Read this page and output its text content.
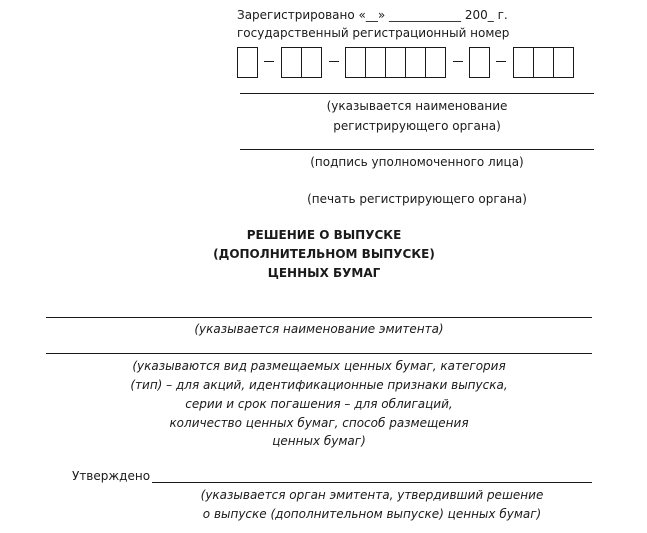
Зарегистрировано «__» ____________ 200_ г.
государственный регистрационный номер
(указывается наименование
регистрирующего органа)
(подпись уполномоченного лица)
(печать регистрирующего органа)
РЕШЕНИЕ О ВЫПУСКЕ
(ДОПОЛНИТЕЛЬНОМ ВЫПУСКЕ)
ЦЕННЫХ БУМАГ
(указывается наименование эмитента)
(указываются вид размещаемых ценных бумаг, категория
(тип) – для акций, идентификационные признаки выпуска,
серии и срок погашения – для облигаций,
количество ценных бумаг, способ размещения
ценных бумаг)
Утверждено
(указывается орган эмитента, утвердивший решение
о выпуске (дополнительном выпуске) ценных бумаг)
